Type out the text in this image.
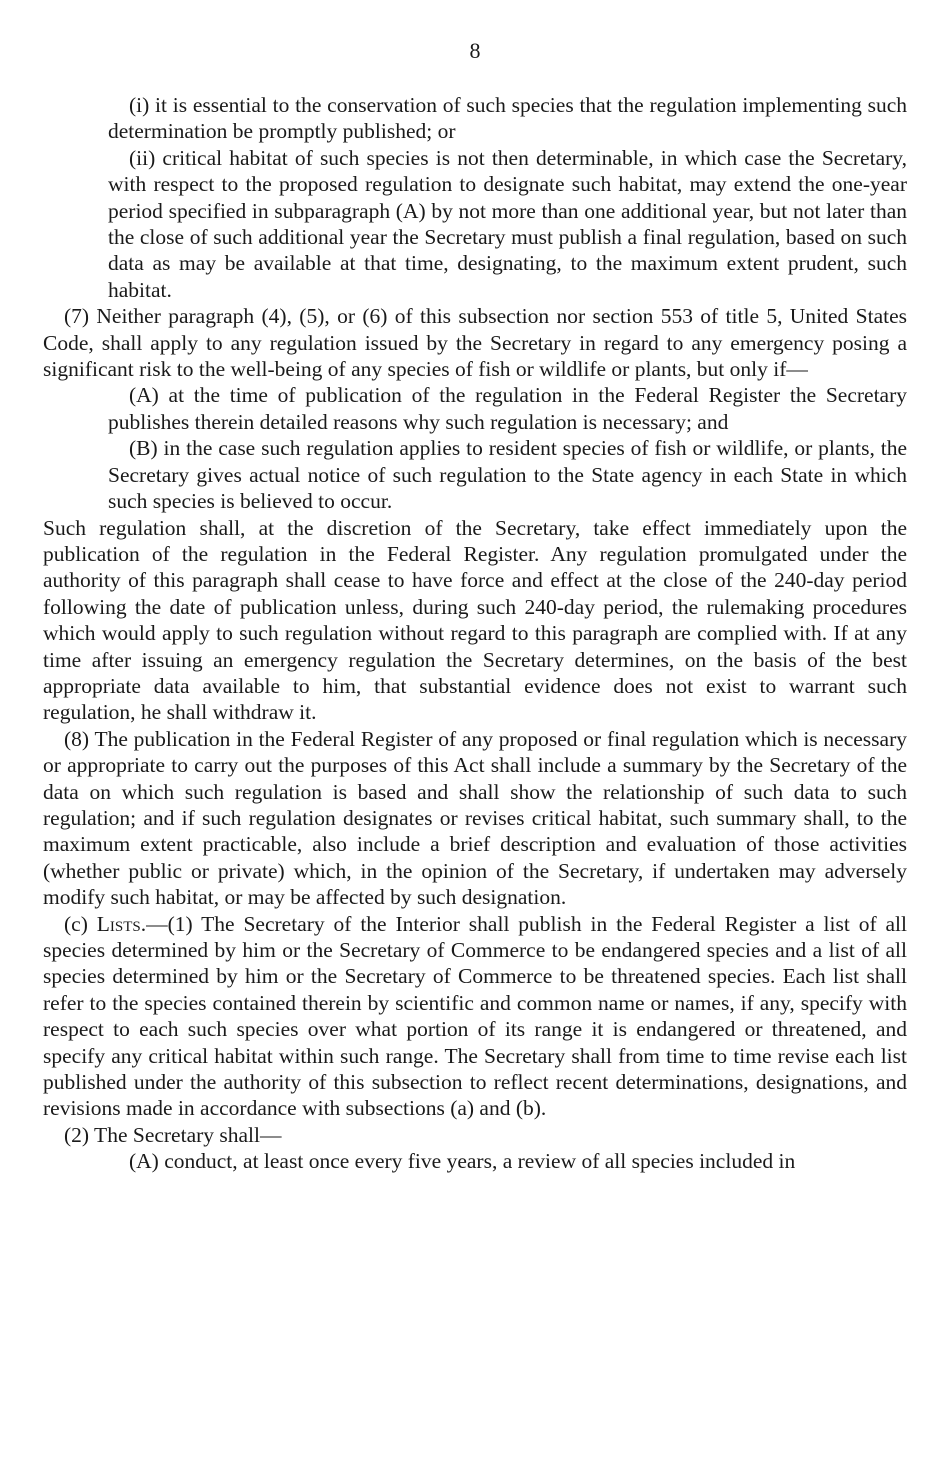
8

(i) it is essential to the conservation of such species that the regulation implementing such determination be promptly published; or

(ii) critical habitat of such species is not then determinable, in which case the Secretary, with respect to the proposed regulation to designate such habitat, may extend the one-year period specified in subparagraph (A) by not more than one additional year, but not later than the close of such additional year the Secretary must publish a final regulation, based on such data as may be available at that time, designating, to the maximum extent prudent, such habitat.

(7) Neither paragraph (4), (5), or (6) of this subsection nor section 553 of title 5, United States Code, shall apply to any regulation issued by the Secretary in regard to any emergency posing a significant risk to the well-being of any species of fish or wildlife or plants, but only if—

(A) at the time of publication of the regulation in the Federal Register the Secretary publishes therein detailed reasons why such regulation is necessary; and

(B) in the case such regulation applies to resident species of fish or wildlife, or plants, the Secretary gives actual notice of such regulation to the State agency in each State in which such species is believed to occur.

Such regulation shall, at the discretion of the Secretary, take effect immediately upon the publication of the regulation in the Federal Register. Any regulation promulgated under the authority of this paragraph shall cease to have force and effect at the close of the 240-day period following the date of publication unless, during such 240-day period, the rulemaking procedures which would apply to such regulation without regard to this paragraph are complied with. If at any time after issuing an emergency regulation the Secretary determines, on the basis of the best appropriate data available to him, that substantial evidence does not exist to warrant such regulation, he shall withdraw it.

(8) The publication in the Federal Register of any proposed or final regulation which is necessary or appropriate to carry out the purposes of this Act shall include a summary by the Secretary of the data on which such regulation is based and shall show the relationship of such data to such regulation; and if such regulation designates or revises critical habitat, such summary shall, to the maximum extent practicable, also include a brief description and evaluation of those activities (whether public or private) which, in the opinion of the Secretary, if undertaken may adversely modify such habitat, or may be affected by such designation.

(c) Lists.—(1) The Secretary of the Interior shall publish in the Federal Register a list of all species determined by him or the Secretary of Commerce to be endangered species and a list of all species determined by him or the Secretary of Commerce to be threatened species. Each list shall refer to the species contained therein by scientific and common name or names, if any, specify with respect to each such species over what portion of its range it is endangered or threatened, and specify any critical habitat within such range. The Secretary shall from time to time revise each list published under the authority of this subsection to reflect recent determinations, designations, and revisions made in accordance with subsections (a) and (b).

(2) The Secretary shall—

(A) conduct, at least once every five years, a review of all species included in
